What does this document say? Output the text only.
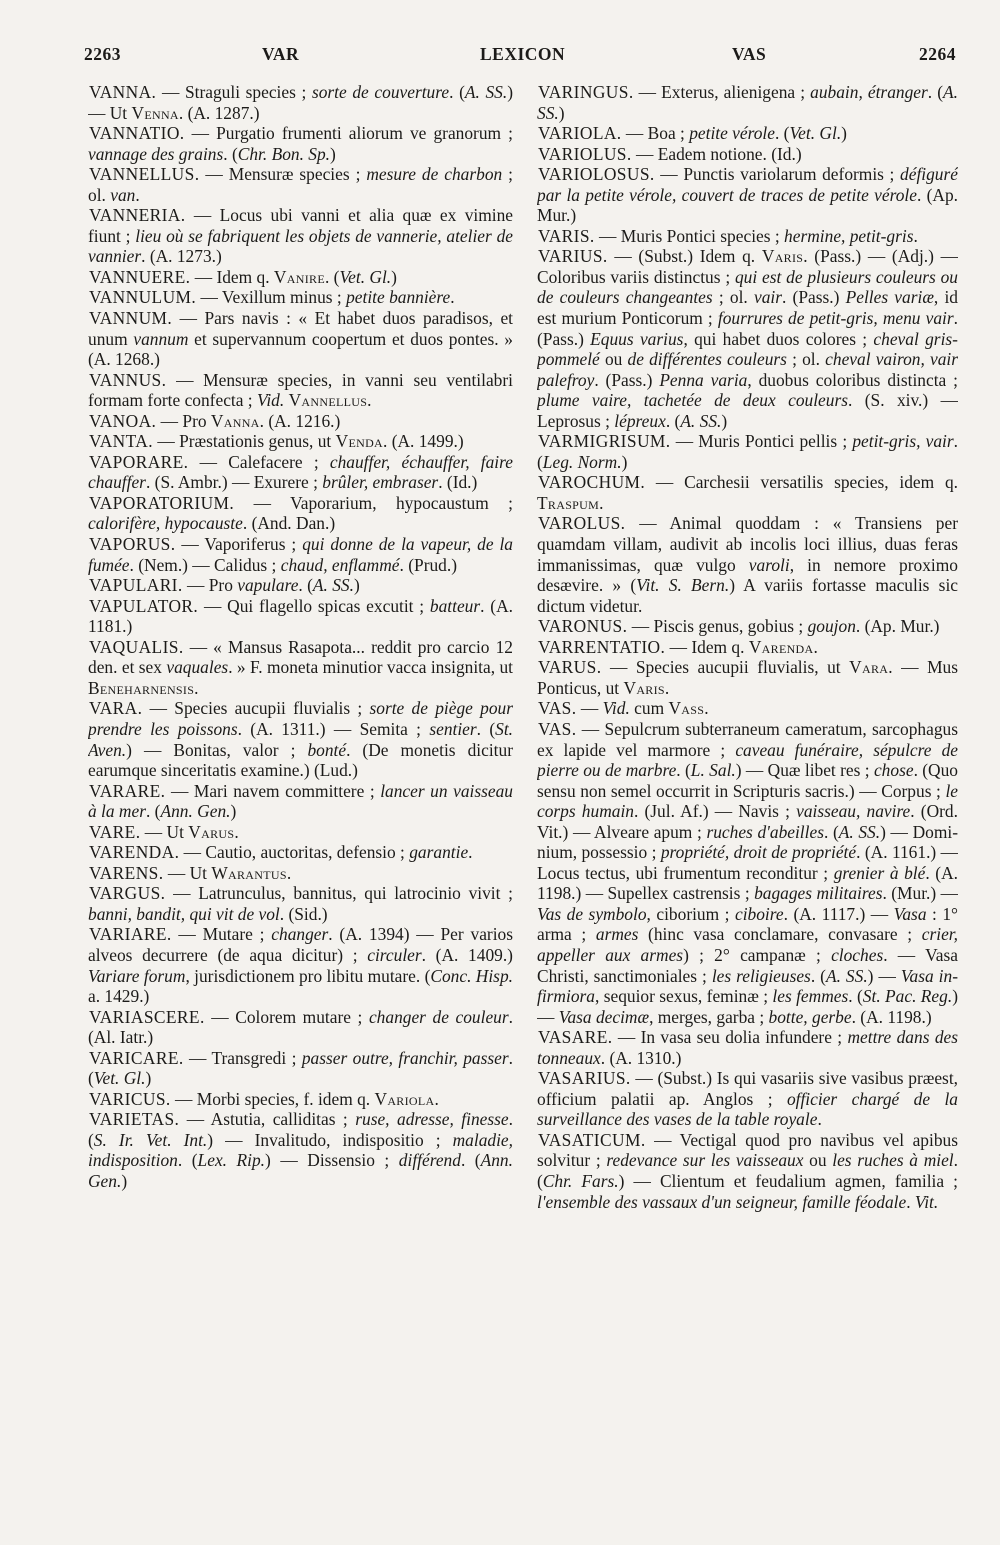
2263	VAR	LEXICON	VAS	2264

VANNA. — Straguli species ; sorte de couverture. (A. SS.) — Ut Venna. (A. 1287.)

VANNATIO. — Purgatio frumenti aliorum ve granorum ; vannage des grains. (Chr. Bon. Sp.)

VANNELLUS. — Mensuræ species ; mesure de charbon ; ol. van.

VANNERIA. — Locus ubi vanni et alia quæ ex vimine fiunt ; lieu où se fabriquent les objets de vannerie, atelier de vannier. (A. 1273.)

VANNUERE. — Idem q. Vanire. (Vet. Gl.)

VANNULUM. — Vexillum minus ; petite bannière.

VANNUM. — Pars navis : « Et habet duos paradisos, et unum vannum et supervannum coopertum et duos pontes. » (A. 1268.)

VANNUS. — Mensuræ species, in vanni seu ventilabri formam forte confecta ; Vid. Vannellus.

VANOA. — Pro Vanna. (A. 1216.)

VANTA. — Præstationis genus, ut Venda. (A. 1499.)

VAPORARE. — Calefacere ; chauffer, échauffer, faire chauffer. (S. Ambr.) — Exurere ; brûler, embraser. (Id.)

VAPORATORIUM. — Vaporarium, hypocaustum ; calorifère, hypocauste. (And. Dan.)

VAPORUS. — Vaporiferus ; qui donne de la vapeur, de la fumée. (Nem.) — Calidus ; chaud, enflammé. (Prud.)

VAPULARI. — Pro vapulare. (A. SS.)

VAPULATOR. — Qui flagello spicas excutit ; batteur. (A. 1181.)

VAQUALIS. — « Mansus Rasapota... reddit pro carcio 12 den. et sex vaquales. » F. moneta minutior vacca insignita, ut Beneharnensis.

VARA. — Species aucupii fluvialis ; sorte de piège pour prendre les poissons. (A. 1311.) — Semita ; sentier. (St. Aven.) — Bonitas, valor ; bonté. (De monetis dicitur earumque sinceritatis examine.) (Lud.)

VARARE. — Mari navem committere ; lancer un vaisseau à la mer. (Ann. Gen.)

VARE. — Ut Varus.

VARENDA. — Cautio, auctoritas, defensio ; garantie.

VARENS. — Ut Warantus.

VARGUS. — Latrunculus, bannitus, qui latrocinio vivit ; banni, bandit, qui vit de vol. (Sid.)

VARIARE. — Mutare ; changer. (A. 1394) — Per varios alveos decurrere (de aqua dicitur) ; circuler. (A. 1409.) Variare forum, jurisdictionem pro libitu mutare. (Conc. Hisp. a. 1429.)

VARIASCERE. — Colorem mutare ; changer de couleur. (Al. Iatr.)

VARICARE. — Transgredi ; passer outre, franchir, passer. (Vet. Gl.)

VARICUS. — Morbi species, f. idem q. Variola.

VARIETAS. — Astutia, calliditas ; ruse, adresse, finesse. (S. Ir. Vet. Int.) — Invalitudo, indispositio ; maladie, indisposition. (Lex. Rip.) — Dissensio ; différend. (Ann. Gen.)

VARINGUS. — Exterus, alienigena ; aubain, étranger. (A. SS.)

VARIOLA. — Boa ; petite vérole. (Vet. Gl.)

VARIOLUS. — Eadem notione. (Id.)

VARIOLOSUS. — Punctis variolarum deformis ; défiguré par la petite vérole, couvert de traces de petite vérole. (Ap. Mur.)

VARIS. — Muris Pontici species ; hermine, petit-gris.

VARIUS. — (Subst.) Idem q. Varis. (Pass.) — (Adj.) — Coloribus variis distinctus ; qui est de plusieurs couleurs ou de couleurs changeantes ; ol. vair. (Pass.) Pelles variæ, id est murium Ponticorum ; fourrures de petit-gris, menu vair. (Pass.) Equus varius, qui habet duos colores ; cheval gris-pommelé ou de différentes couleurs ; ol. cheval vairon, vair palefroy. (Pass.) Penna varia, duobus coloribus distincta ; plume vaire, tachetée de deux couleurs. (S. xiv.) — Leprosus ; lépreux. (A. SS.)

VARMIGRISUM. — Muris Pontici pellis ; petit-gris, vair. (Leg. Norm.)

VAROCHUM. — Carchesii versatilis species, idem q. Traspum.

VAROLUS. — Animal quoddam : « Transiens per quamdam villam, audivit ab incolis loci illius, duas feras immanissimas, quæ vulgo varoli, in nemore proximo desævire. » (Vit. S. Bern.) A variis fortasse maculis sic dictum videtur.

VARONUS. — Piscis genus, gobius ; goujon. (Ap. Mur.)

VARRENTATIO. — Idem q. Varenda.

VARUS. — Species aucupii fluvialis, ut Vara. — Mus Ponticus, ut Varis.

VAS. — Vid. cum Vass.

VAS. — Sepulcrum subterraneum cameratum, sarcophagus ex lapide vel marmore ; caveau funéraire, sépulcre de pierre ou de marbre. (L. Sal.) — Quæ libet res ; chose. (Quo sensu non semel occurrit in Scripturis sacris.) — Corpus ; le corps humain. (Jul. Af.) — Navis ; vaisseau, navire. (Ord. Vit.) — Alveare apum ; ruches d'abeilles. (A. SS.) — Dominium, possessio ; propriété, droit de propriété. (A. 1161.) — Locus tectus, ubi frumentum reconditur ; grenier à blé. (A. 1198.) — Supellex castrensis ; bagages militaires. (Mur.) — Vas de symbolo, ciborium ; ciboire. (A. 1117.) — Vasa : 1° arma ; armes (hinc vasa conclamare, convasare ; crier, appeller aux armes) ; 2° campanæ ; cloches. — Vasa Christi, sanctimoniales ; les religieuses. (A. SS.) — Vasa infirmiora, sequior sexus, feminæ ; les femmes. (St. Pac. Reg.) — Vasa decimæ, merges, garba ; botte, gerbe. (A. 1198.)

VASARE. — In vasa seu dolia infundere ; mettre dans des tonneaux. (A. 1310.)

VASARIUS. — (Subst.) Is qui vasariis sive vasibus præest, officium palatii ap. Anglos ; officier chargé de la surveillance des vases de la table royale.

VASATICUM. — Vectigal quod pro navibus vel apibus solvitur ; redevance sur les vaisseaux ou les ruches à miel. (Chr. Fars.) — Clientum et feudalium agmen, familia ; l'ensemble des vassaux d'un seigneur, famille féodale. Vit.
